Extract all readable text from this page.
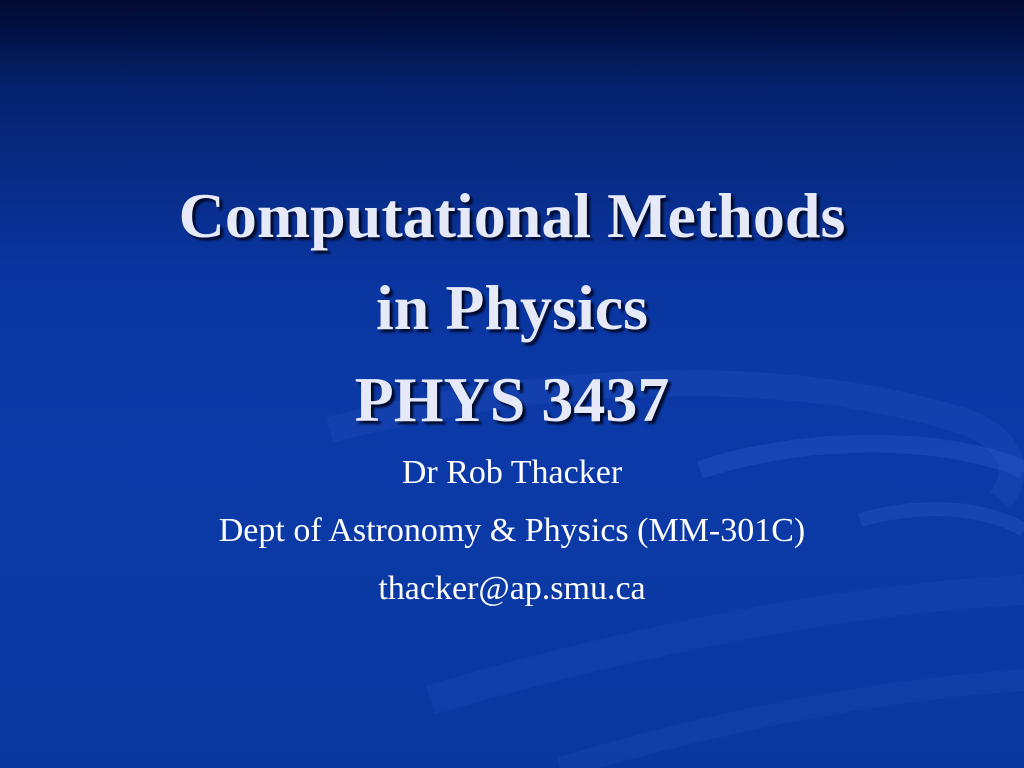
Computational Methods
in Physics
PHYS 3437
Dr Rob Thacker
Dept of Astronomy & Physics (MM-301C)
thacker@ap.smu.ca
